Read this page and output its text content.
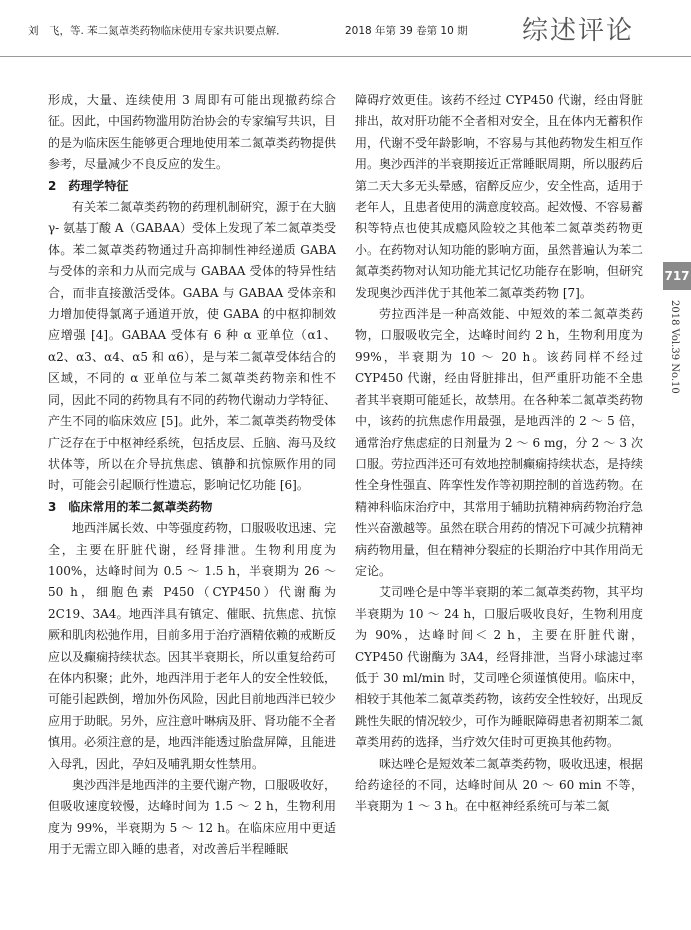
刘　飞，等. 苯二氮䓬类药物临床使用专家共识要点解．	2018 年第 39 卷第 10 期 综述评论

形成，大量、连续使用 3 周即有可能出现撤药综合征。因此，中国药物滥用防治协会的专家编写共识，目的是为临床医生能够更合理地使用苯二氮䓬类药物提供参考，尽量减少不良反应的发生。

2　药理学特征

有关苯二氮䓬类药物的药理机制研究，源于在大脑 γ- 氨基丁酸 A（GABAA）受体上发现了苯二氮䓬类受体。苯二氮䓬类药物通过升高抑制性神经递质 GABA 与受体的亲和力从而完成与 GABAA 受体的特异性结合，而非直接激活受体。GABA 与 GABAA 受体亲和力增加使得氯离子通道开放，使 GABA 的中枢抑制效应增强 [4]。GABAA 受体有 6 种 α 亚单位（α1、α2、α3、α4、α5 和 α6），是与苯二氮䓬受体结合的区域，不同的 α 亚单位与苯二氮䓬类药物亲和性不同，因此不同的药物具有不同的药物代谢动力学特征、产生不同的临床效应 [5]。此外，苯二氮䓬类药物受体广泛存在于中枢神经系统，包括皮层、丘脑、海马及纹状体等，所以在介导抗焦虑、镇静和抗惊厥作用的同时，可能会引起顺行性遗忘，影响记忆功能 [6]。

3　临床常用的苯二氮䓬类药物

地西泮属长效、中等强度药物，口服吸收迅速、完全，主要在肝脏代谢，经肾排泄。生物利用度为 100%，达峰时间为 0.5 ～ 1.5 h，半衰期为 26 ～ 50 h，细胞色素 P450（CYP450）代谢酶为 2C19、3A4。地西泮具有镇定、催眠、抗焦虑、抗惊厥和肌肉松弛作用，目前多用于治疗酒精依赖的戒断反应以及癫痫持续状态。因其半衰期长，所以重复给药可在体内积聚；此外，地西泮用于老年人的安全性较低，可能引起跌倒，增加外伤风险，因此目前地西泮已较少应用于助眠。另外，应注意叶啉病及肝、肾功能不全者慎用。必须注意的是，地西泮能透过胎盘屏障，且能进入母乳，因此，孕妇及哺乳期女性禁用。

奥沙西泮是地西泮的主要代谢产物，口服吸收好，但吸收速度较慢，达峰时间为 1.5 ～ 2 h，生物利用度为 99%，半衰期为 5 ～ 12 h。在临床应用中更适用于无需立即入睡的患者，对改善后半程睡眠

障碍疗效更佳。该药不经过 CYP450 代谢，经由肾脏排出，故对肝功能不全者相对安全，且在体内无蓄积作用，代谢不受年龄影响，不容易与其他药物发生相互作用。奥沙西泮的半衰期接近正常睡眠周期，所以服药后第二天大多无头晕感，宿醉反应少，安全性高，适用于老年人，且患者使用的满意度较高。起效慢、不容易蓄积等特点也使其成瘾风险较之其他苯二氮䓬类药物更小。在药物对认知功能的影响方面，虽然普遍认为苯二氮䓬类药物对认知功能尤其记忆功能存在影响，但研究发现奥沙西泮优于其他苯二氮䓬类药物 [7]。

劳拉西泮是一种高效能、中短效的苯二氮䓬类药物，口服吸收完全，达峰时间约 2 h，生物利用度为 99%，半衰期为 10 ～ 20 h。该药同样不经过 CYP450 代谢，经由肾脏排出，但严重肝功能不全患者其半衰期可能延长，故禁用。在各种苯二氮䓬类药物中，该药的抗焦虑作用最强，是地西泮的 2 ～ 5 倍，通常治疗焦虑症的日剂量为 2 ～ 6 mg，分 2 ～ 3 次口服。劳拉西泮还可有效地控制癫痫持续状态，是持续性全身性强直、阵挛性发作等初期控制的首选药物。在精神科临床治疗中，其常用于辅助抗精神病药物治疗急性兴奋激越等。虽然在联合用药的情况下可减少抗精神病药物用量，但在精神分裂症的长期治疗中其作用尚无定论。

艾司唑仑是中等半衰期的苯二氮䓬类药物，其平均半衰期为 10 ～ 24 h，口服后吸收良好，生物利用度为 90%，达峰时间＜ 2 h，主要在肝脏代谢，CYP450 代谢酶为 3A4，经肾排泄，当肾小球滤过率低于 30 ml/min 时，艾司唑仑须谨慎使用。临床中，相较于其他苯二氮䓬类药物，该药安全性较好，出现反跳性失眠的情况较少，可作为睡眠障碍患者初期苯二氮䓬类用药的选择，当疗效欠佳时可更换其他药物。

咪达唑仑是短效苯二氮䓬类药物，吸收迅速，根据给药途径的不同，达峰时间从 20 ～ 60 min 不等，半衰期为 1 ～ 3 h。在中枢神经系统可与苯二氮

717
2018 Vol.39 No.10
